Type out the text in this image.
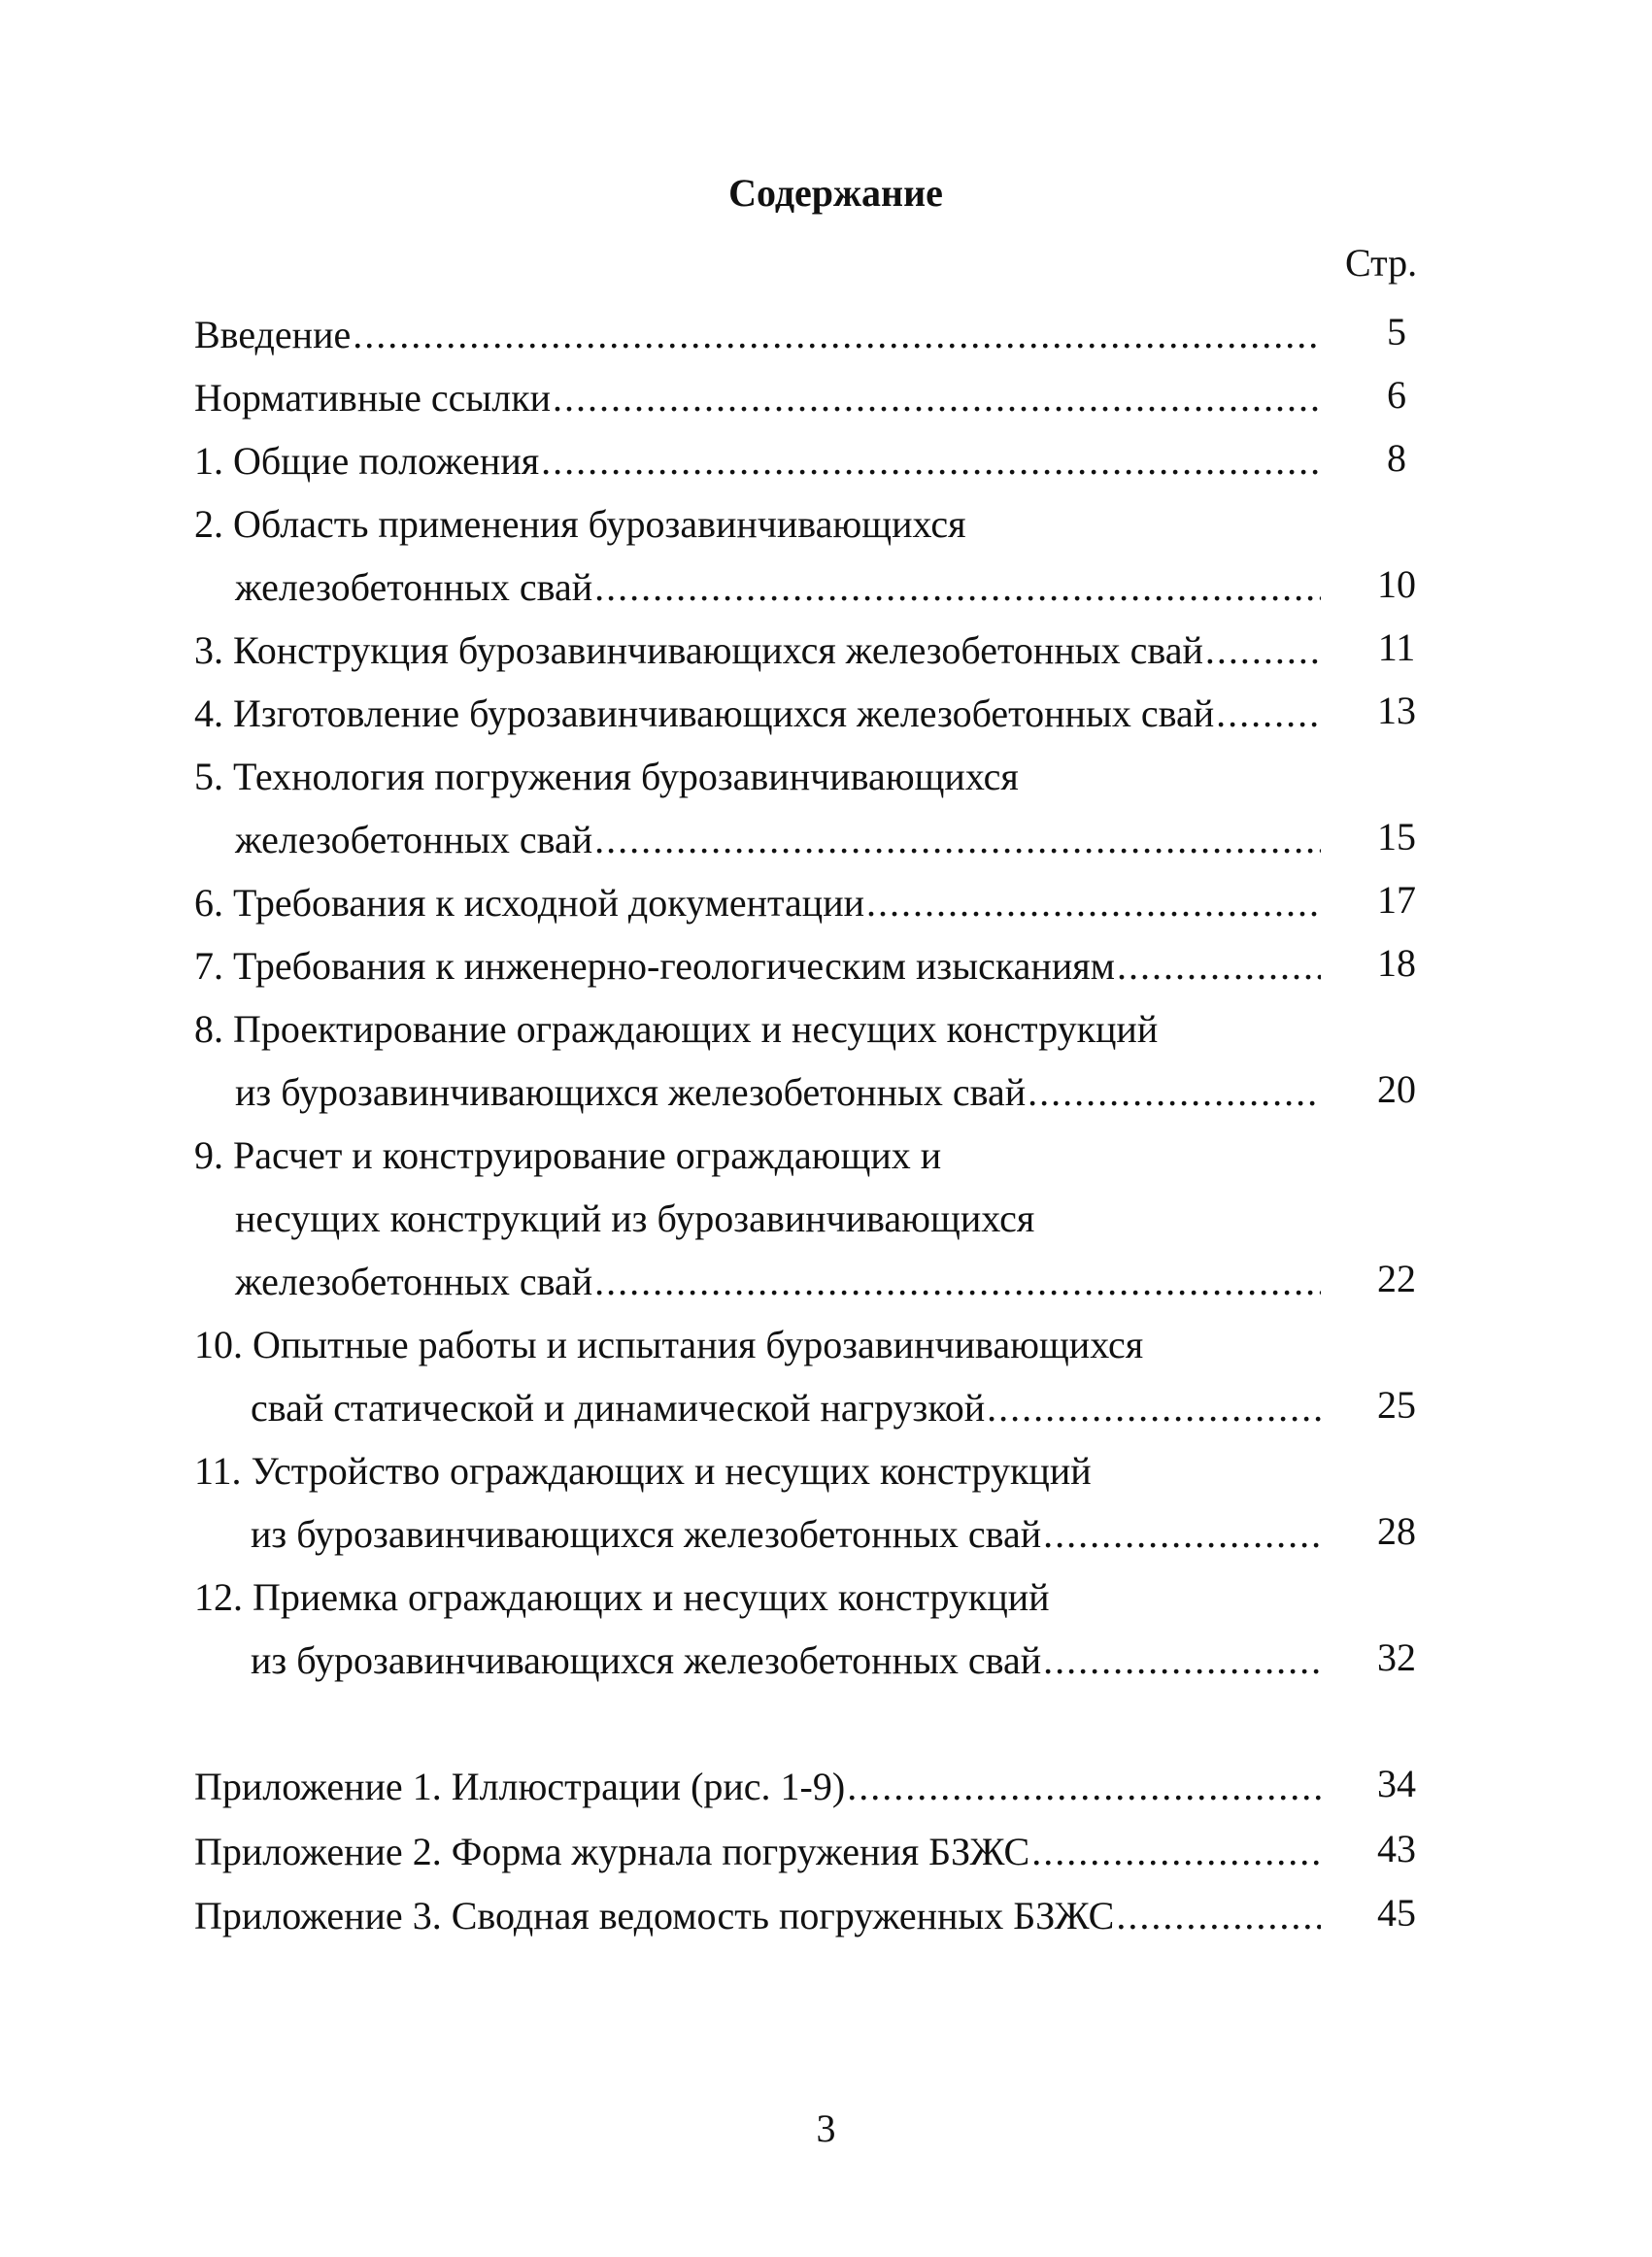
Содержание
Стр.
Введение .....	5
Нормативные ссылки .....	6
1. Общие положения .....	8
2. Область применения бурозавинчивающихся
железобетонных свай .....	10
3. Конструкция бурозавинчивающихся железобетонных свай .....	11
4. Изготовление бурозавинчивающихся железобетонных свай .....	13
5. Технология погружения бурозавинчивающихся
железобетонных свай .....	15
6. Требования к исходной документации .....	17
7. Требования к инженерно-геологическим изысканиям .....	18
8. Проектирование ограждающих и несущих конструкций
из бурозавинчивающихся железобетонных свай .....	20
9. Расчет и конструирование ограждающих и
несущих конструкций из бурозавинчивающихся
железобетонных свай .....	22
10. Опытные работы и испытания бурозавинчивающихся
свай статической и динамической нагрузкой .....	25
11. Устройство ограждающих и несущих конструкций
из бурозавинчивающихся железобетонных свай .....	28
12. Приемка ограждающих и несущих конструкций
из бурозавинчивающихся железобетонных свай .....	32
Приложение 1. Иллюстрации (рис. 1-9) .....	34
Приложение 2. Форма журнала погружения БЗЖС .....	43
Приложение 3. Сводная ведомость погруженных БЗЖС .....	45
3
